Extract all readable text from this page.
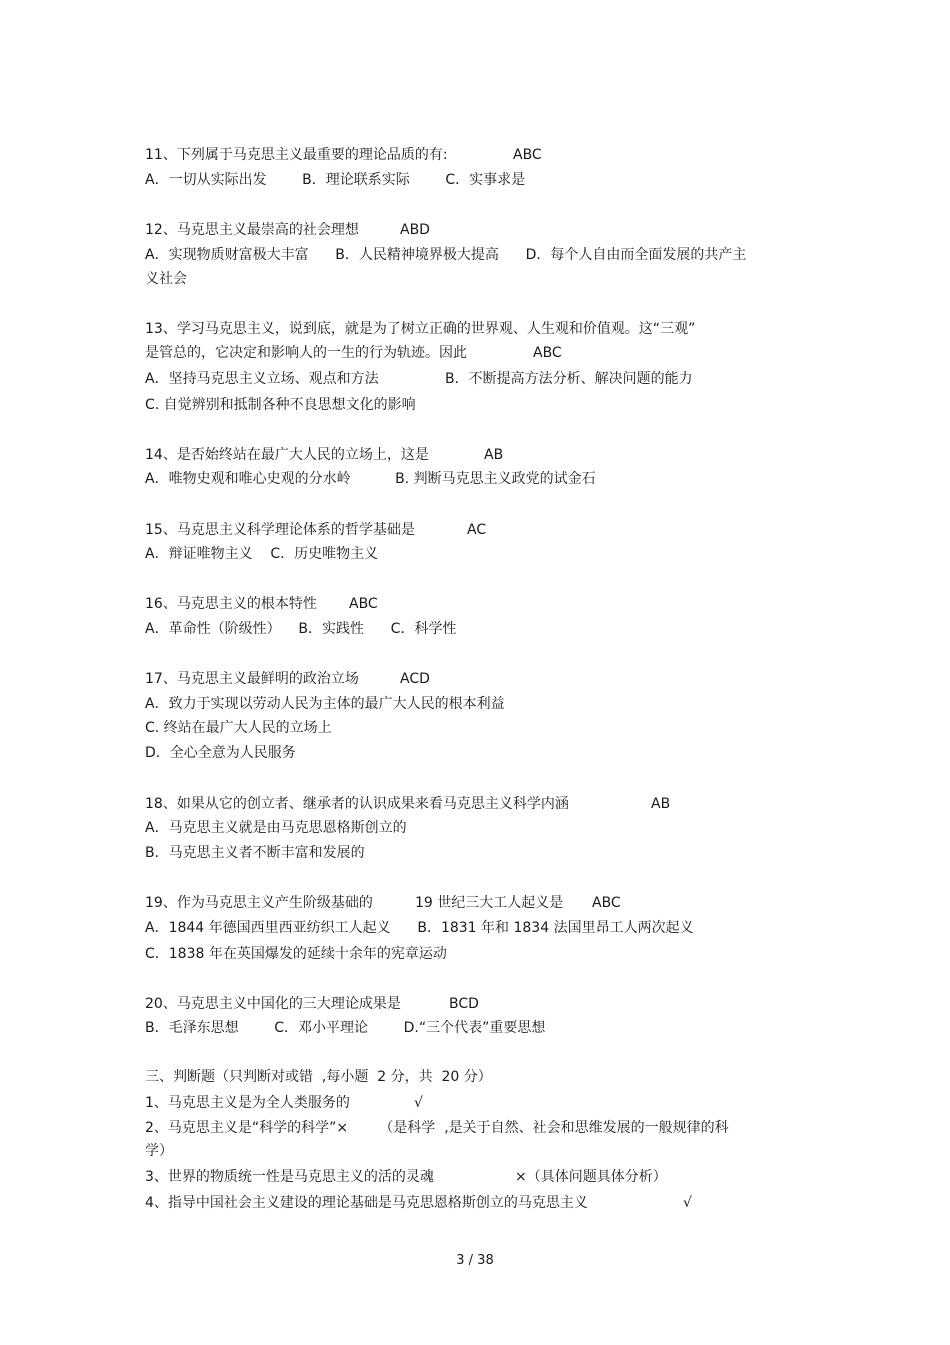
11、下列属于马克思主义最重要的理论品质的有:	ABC

A．一切从实际出发        B．理论联系实际        C．实事求是

12、马克思主义最崇高的社会理想	ABD

A．实现物质财富极大丰富      B．人民精神境界极大提高      D．每个人自由而全面发展的共产主

义社会

13、学习马克思主义，说到底，就是为了树立正确的世界观、人生观和价值观。这“三观”

是管总的，它决定和影响人的一生的行为轨迹。因此	ABC

A．坚持马克思主义立场、观点和方法	B．不断提高方法分析、解决问题的能力

C. 自觉辨别和抵制各种不良思想文化的影响

14、是否始终站在最广大人民的立场上，这是	AB

A．唯物史观和唯心史观的分水岭          B. 判断马克思主义政党的试金石

15、马克思主义科学理论体系的哲学基础是	AC

A．辩证唯物主义    C．历史唯物主义

16、马克思主义的根本特性 ABC

A．革命性（阶级性）    B．实践性      C．科学性

17、马克思主义最鲜明的政治立场	ACD

A．致力于实现以劳动人民为主体的最广大人民的根本利益

C. 终站在最广大人民的立场上

D．全心全意为人民服务

18、如果从它的创立者、继承者的认识成果来看马克思主义科学内涵	AB

A．马克思主义就是由马克思恩格斯创立的

B．马克思主义者不断丰富和发展的

19、作为马克思主义产生阶级基础的	19 世纪三大工人起义是 ABC

A．1844 年德国西里西亚纺织工人起义      B．1831 年和 1834 法国里昂工人两次起义

C．1838 年在英国爆发的延续十余年的宪章运动

20、马克思主义中国化的三大理论成果是	BCD

B．毛泽东思想        C．邓小平理论        D.“三个代表”重要思想

三、判断题（只判断对或错  ,每小题  2 分，共  20 分）

1、马克思主义是为全人类服务的	√

2、马克思主义是“科学的科学”×       （是科学  ,是关于自然、社会和思维发展的一般规律的科

学）

3、世界的物质统一性是马克思主义的活的灵魂	×（具体问题具体分析）

4、指导中国社会主义建设的理论基础是马克思恩格斯创立的马克思主义	√
3 / 38
